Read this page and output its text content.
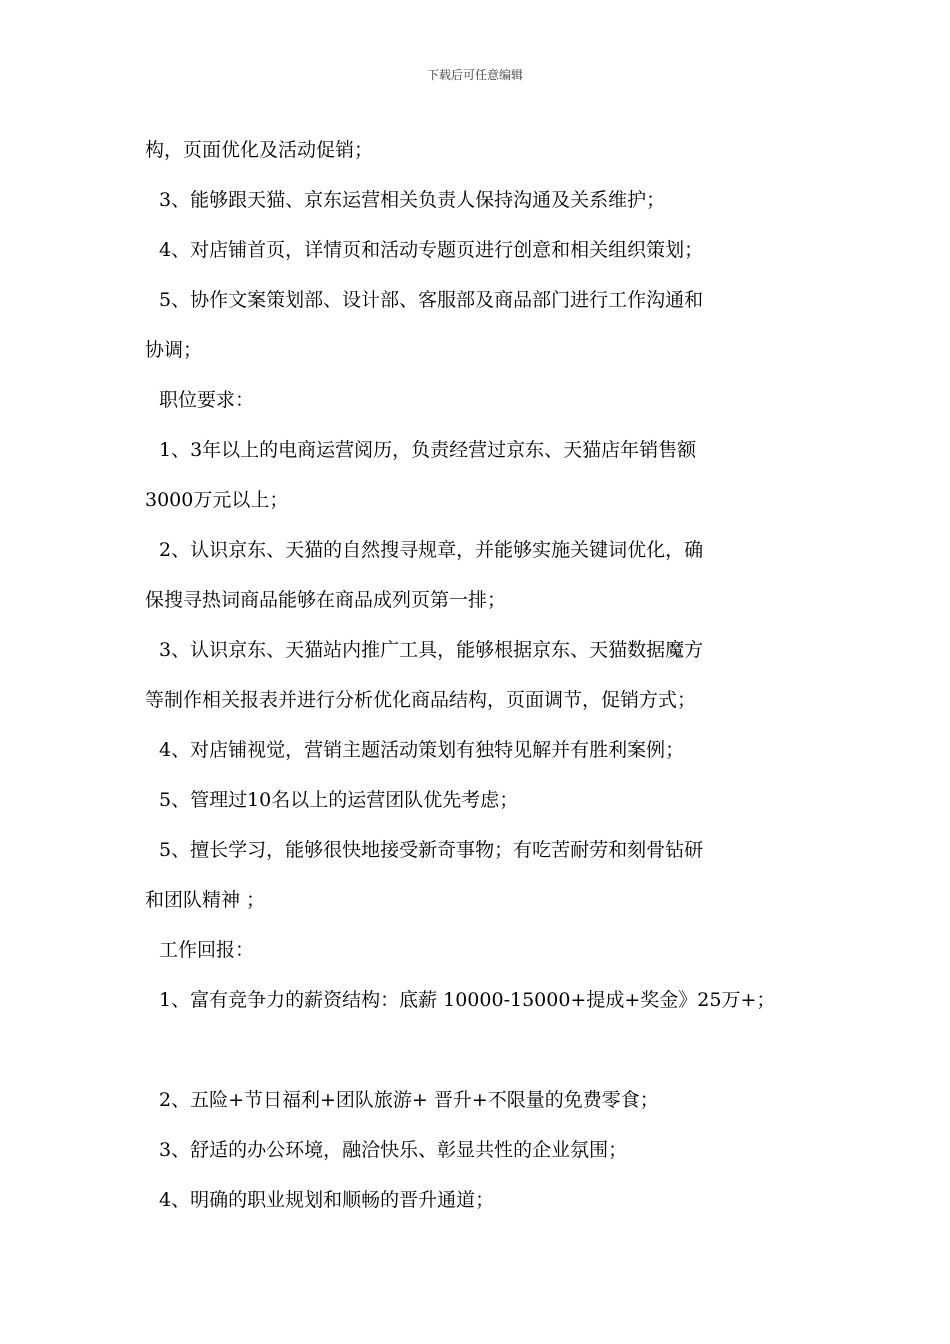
下载后可任意编辑
构，页面优化及活动促销；
3、能够跟天猫、京东运营相关负责人保持沟通及关系维护；
4、对店铺首页，详情页和活动专题页进行创意和相关组织策划；
5、协作文案策划部、设计部、客服部及商品部门进行工作沟通和
协调；
职位要求：
1、3年以上的电商运营阅历，负责经营过京东、天猫店年销售额
3000万元以上；
2、认识京东、天猫的自然搜寻规章，并能够实施关键词优化，确
保搜寻热词商品能够在商品成列页第一排；
3、认识京东、天猫站内推广工具，能够根据京东、天猫数据魔方
等制作相关报表并进行分析优化商品结构，页面调节，促销方式；
4、对店铺视觉，营销主题活动策划有独特见解并有胜利案例；
5、管理过10名以上的运营团队优先考虑；
5、擅长学习，能够很快地接受新奇事物；有吃苦耐劳和刻骨钻研
和团队精神 ；
工作回报：
1、富有竞争力的薪资结构：底薪 10000-15000+提成+奖金》25万+；
2、五险+节日福利+团队旅游+ 晋升+不限量的免费零食；
3、舒适的办公环境，融洽快乐、彰显共性的企业氛围；
4、明确的职业规划和顺畅的晋升通道；
